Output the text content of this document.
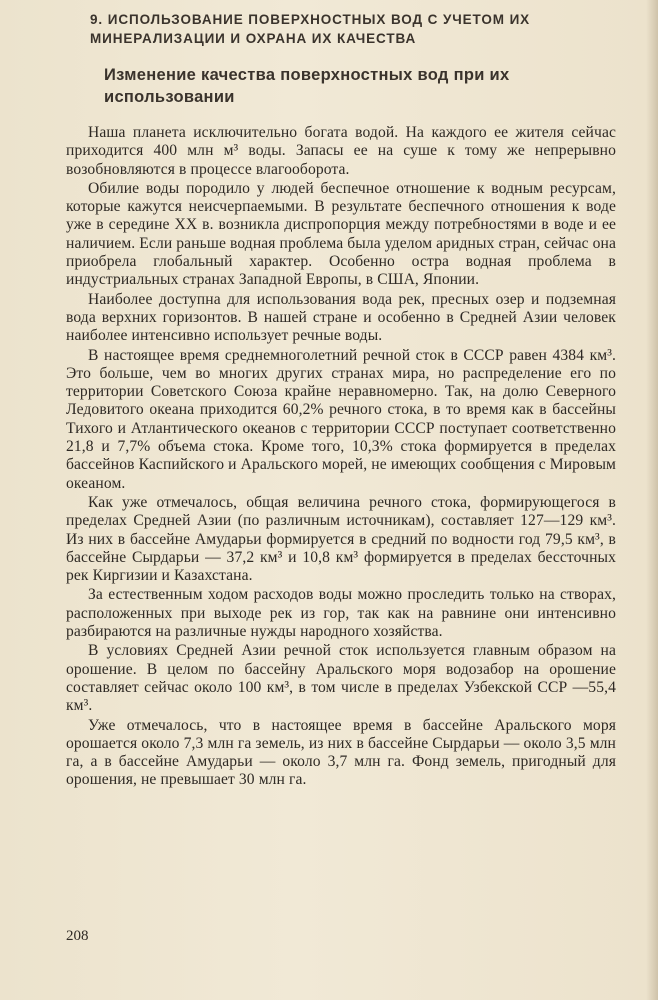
9. ИСПОЛЬЗОВАНИЕ ПОВЕРХНОСТНЫХ ВОД С УЧЕТОМ ИХ МИНЕРАЛИЗАЦИИ И ОХРАНА ИХ КАЧЕСТВА
Изменение качества поверхностных вод при их использовании

Наша планета исключительно богата водой. На каждого ее жителя сейчас приходится 400 млн м³ воды. Запасы ее на суше к тому же непрерывно возобновляются в процессе влагооборота.

Обилие воды породило у людей беспечное отношение к водным ресурсам, которые кажутся неисчерпаемыми. В результате беспечного отношения к воде уже в середине XX в. возникла диспропорция между потребностями в воде и ее наличием. Если раньше водная проблема была уделом аридных стран, сейчас она приобрела глобальный характер. Особенно остра водная проблема в индустриальных странах Западной Европы, в США, Японии.

Наиболее доступна для использования вода рек, пресных озер и подземная вода верхних горизонтов. В нашей стране и особенно в Средней Азии человек наиболее интенсивно использует речные воды.

В настоящее время среднемноголетний речной сток в СССР равен 4384 км³. Это больше, чем во многих других странах мира, но распределение его по территории Советского Союза крайне неравномерно. Так, на долю Северного Ледовитого океана приходится 60,2% речного стока, в то время как в бассейны Тихого и Атлантического океанов с территории СССР поступает соответственно 21,8 и 7,7% объема стока. Кроме того, 10,3% стока формируется в пределах бассейнов Каспийского и Аральского морей, не имеющих сообщения с Мировым океаном.

Как уже отмечалось, общая величина речного стока, формирующегося в пределах Средней Азии (по различным источникам), составляет 127—129 км³. Из них в бассейне Амударьи формируется в средний по водности год 79,5 км³, в бассейне Сырдарьи — 37,2 км³ и 10,8 км³ формируется в пределах бессточных рек Киргизии и Казахстана.

За естественным ходом расходов воды можно проследить только на створах, расположенных при выходе рек из гор, так как на равнине они интенсивно разбираются на различные нужды народного хозяйства.

В условиях Средней Азии речной сток используется главным образом на орошение. В целом по бассейну Аральского моря водозабор на орошение составляет сейчас около 100 км³, в том числе в пределах Узбекской ССР —55,4 км³.

Уже отмечалось, что в настоящее время в бассейне Аральского моря орошается около 7,3 млн га земель, из них в бассейне Сырдарьи — около 3,5 млн га, а в бассейне Амударьи — около 3,7 млн га. Фонд земель, пригодный для орошения, не превышает 30 млн га.

208
